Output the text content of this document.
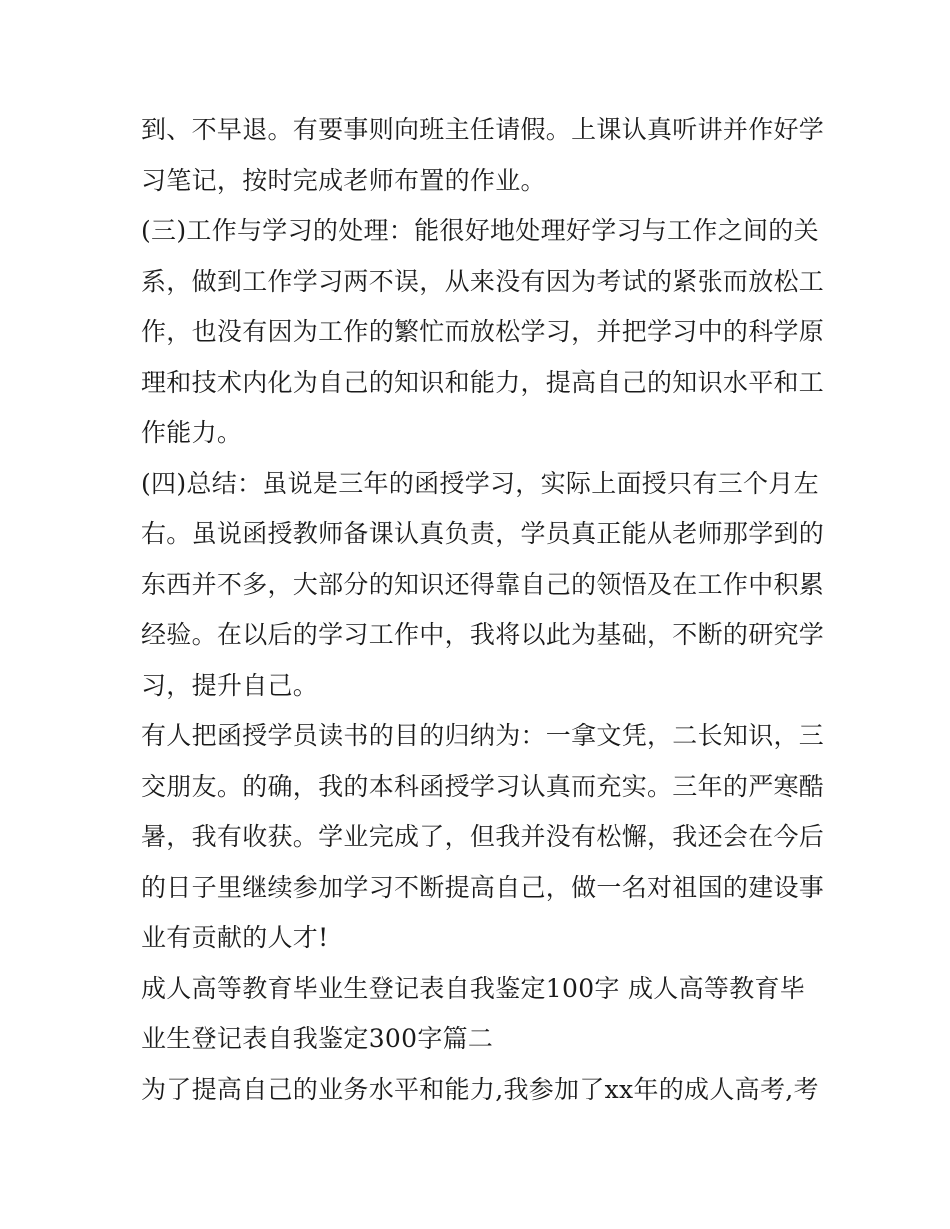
到、不早退。有要事则向班主任请假。上课认真听讲并作好学
习笔记，按时完成老师布置的作业。
(三)工作与学习的处理：能很好地处理好学习与工作之间的关
系，做到工作学习两不误，从来没有因为考试的紧张而放松工
作，也没有因为工作的繁忙而放松学习，并把学习中的科学原
理和技术内化为自己的知识和能力，提高自己的知识水平和工
作能力。
(四)总结：虽说是三年的函授学习，实际上面授只有三个月左
右。虽说函授教师备课认真负责，学员真正能从老师那学到的
东西并不多，大部分的知识还得靠自己的领悟及在工作中积累
经验。在以后的学习工作中，我将以此为基础，不断的研究学
习，提升自己。
有人把函授学员读书的目的归纳为：一拿文凭，二长知识，三
交朋友。的确，我的本科函授学习认真而充实。三年的严寒酷
暑，我有收获。学业完成了，但我并没有松懈，我还会在今后
的日子里继续参加学习不断提高自己，做一名对祖国的建设事
业有贡献的人才!
成人高等教育毕业生登记表自我鉴定100字 成人高等教育毕
业生登记表自我鉴定300字篇二
为了提高自己的业务水平和能力,我参加了xx年的成人高考,考
